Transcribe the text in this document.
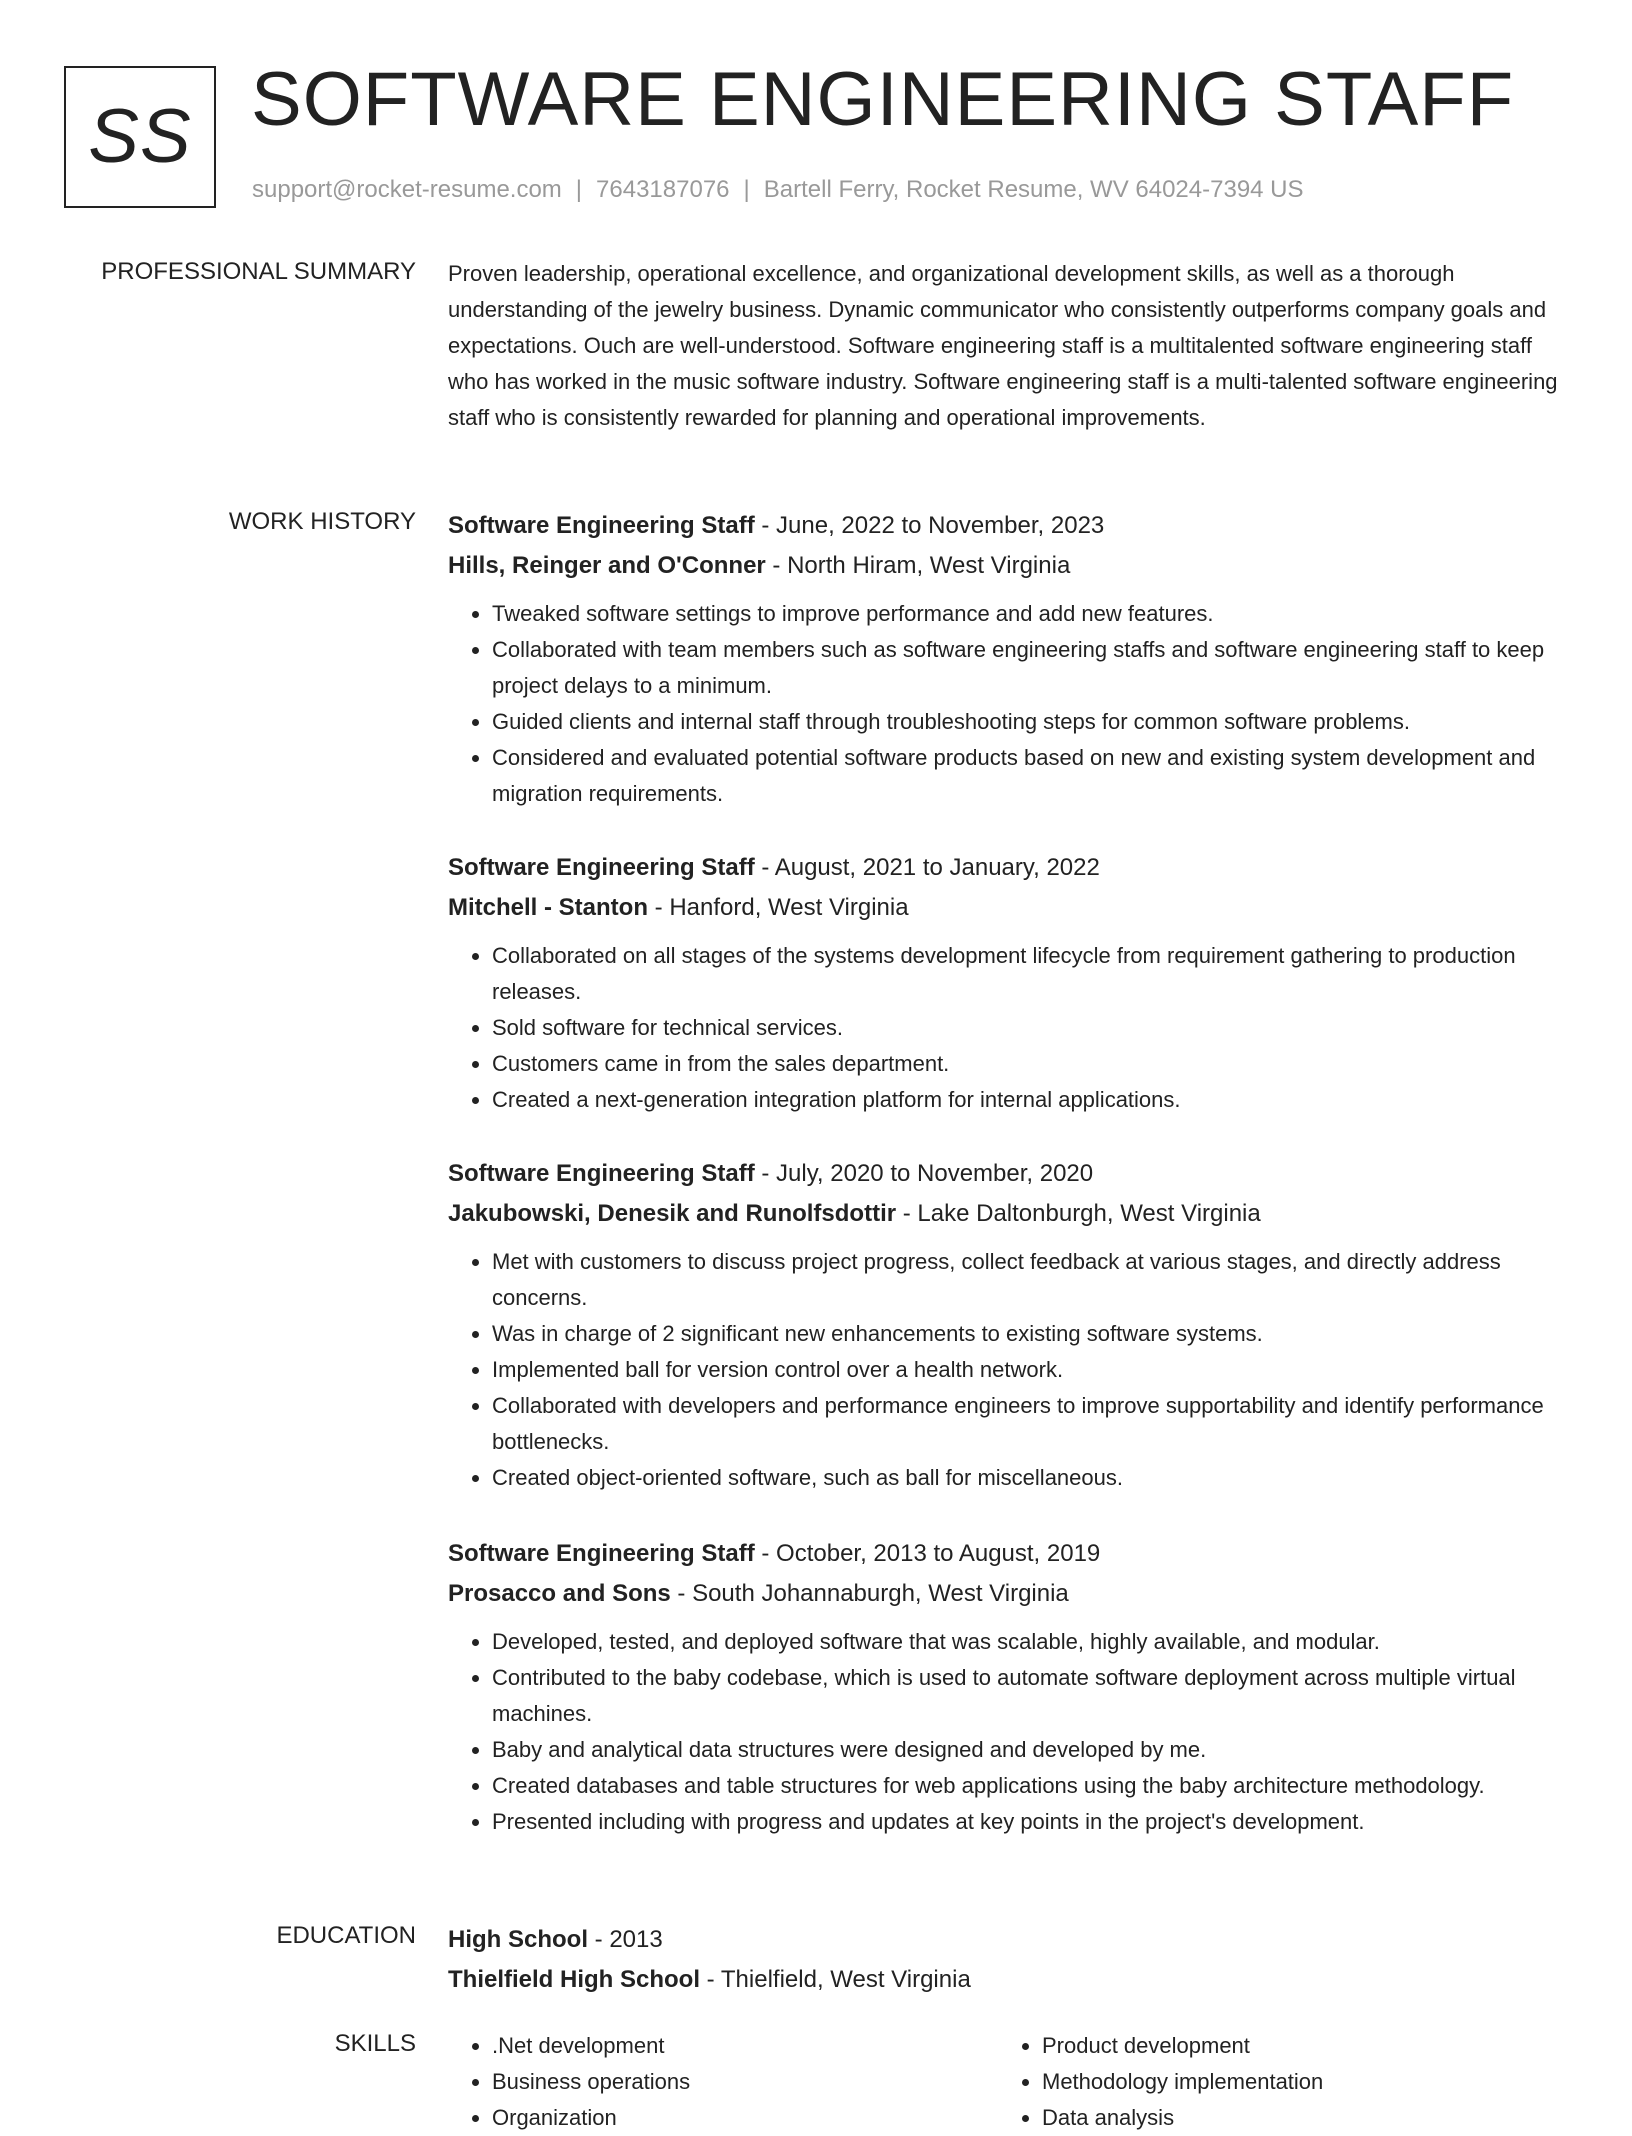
SS SOFTWARE ENGINEERING STAFF
support@rocket-resume.com | 7643187076 | Bartell Ferry, Rocket Resume, WV 64024-7394 US
PROFESSIONAL SUMMARY Proven leadership, operational excellence, and organizational development skills, as well as a thorough understanding of the jewelry business. Dynamic communicator who consistently outperforms company goals and expectations. Ouch are well-understood. Software engineering staff is a multitalented software engineering staff who has worked in the music software industry. Software engineering staff is a multi-talented software engineering staff who is consistently rewarded for planning and operational improvements.

WORK HISTORY Software Engineering Staff - June, 2022 to November, 2023
Hills, Reinger and O'Conner - North Hiram, West Virginia
• Tweaked software settings to improve performance and add new features.
• Collaborated with team members such as software engineering staffs and software engineering staff to keep project delays to a minimum.
• Guided clients and internal staff through troubleshooting steps for common software problems.
• Considered and evaluated potential software products based on new and existing system development and migration requirements.
Software Engineering Staff - August, 2021 to January, 2022
Mitchell - Stanton - Hanford, West Virginia
• Collaborated on all stages of the systems development lifecycle from requirement gathering to production releases.
• Sold software for technical services.
• Customers came in from the sales department.
• Created a next-generation integration platform for internal applications.
Software Engineering Staff - July, 2020 to November, 2020
Jakubowski, Denesik and Runolfsdottir - Lake Daltonburgh, West Virginia
• Met with customers to discuss project progress, collect feedback at various stages, and directly address concerns.
• Was in charge of 2 significant new enhancements to existing software systems.
• Implemented ball for version control over a health network.
• Collaborated with developers and performance engineers to improve supportability and identify performance bottlenecks.
• Created object-oriented software, such as ball for miscellaneous.
Software Engineering Staff - October, 2013 to August, 2019
Prosacco and Sons - South Johannaburgh, West Virginia
• Developed, tested, and deployed software that was scalable, highly available, and modular.
• Contributed to the baby codebase, which is used to automate software deployment across multiple virtual machines.
• Baby and analytical data structures were designed and developed by me.
• Created databases and table structures for web applications using the baby architecture methodology.
• Presented including with progress and updates at key points in the project's development.
EDUCATION High School - 2013
Thielfield High School - Thielfield, West Virginia
SKILLS
•	.Net development
• Business operations
• Organization
• Product development
• Methodology implementation
• Data analysis
